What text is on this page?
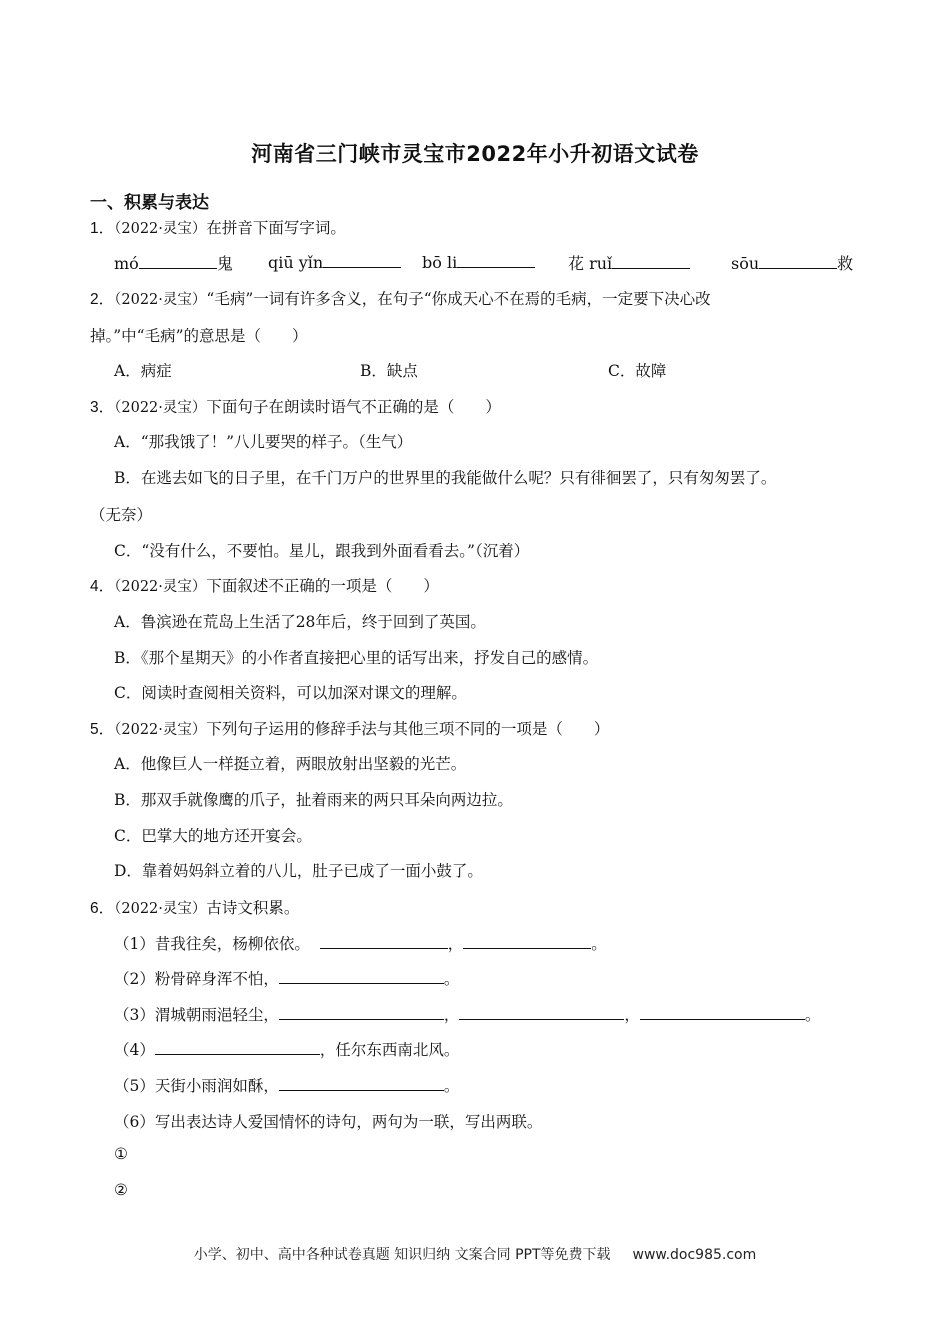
河南省三门峡市灵宝市2022年小升初语文试卷
一、积累与表达
1．（2022·灵宝）在拼音下面写字词。
mó	鬼 qiū yǐn	bō li	花 ruǐ	sōu	救
2．（2022·灵宝）“毛病”一词有许多含义，在句子“你成天心不在焉的毛病，一定要下决心改
掉。”中“毛病”的意思是（　　）
A．病症	B．缺点	C．故障
3．（2022·灵宝）下面句子在朗读时语气不正确的是（　　）
A．“那我饿了！”八儿要哭的样子。（生气）
B．在逃去如飞的日子里，在千门万户的世界里的我能做什么呢？只有徘徊罢了，只有匆匆罢了。
（无奈）
C．“没有什么，不要怕。星儿，跟我到外面看看去。”（沉着）
4．（2022·灵宝）下面叙述不正确的一项是（　　）
A．鲁滨逊在荒岛上生活了28年后，终于回到了英国。
B．《那个星期天》的小作者直接把心里的话写出来，抒发自己的感情。
C．阅读时查阅相关资料，可以加深对课文的理解。
5．（2022·灵宝）下列句子运用的修辞手法与其他三项不同的一项是（　　）
A．他像巨人一样挺立着，两眼放射出坚毅的光芒。
B．那双手就像鹰的爪子，扯着雨来的两只耳朵向两边拉。
C．巴掌大的地方还开宴会。
D．靠着妈妈斜立着的八儿，肚子已成了一面小鼓了。
6．（2022·灵宝）古诗文积累。
（1）昔我往矣，杨柳依依。	，	。
（2）粉骨碎身浑不怕，	。
（3）渭城朝雨浥轻尘，	，	，	。
（4）	，任尔东西南北风。
（5）天街小雨润如酥，	。
（6）写出表达诗人爱国情怀的诗句，两句为一联，写出两联。
①
②
小学、初中、高中各种试卷真题 知识归纳 文案合同 PPT等免费下载 www.doc985.com
